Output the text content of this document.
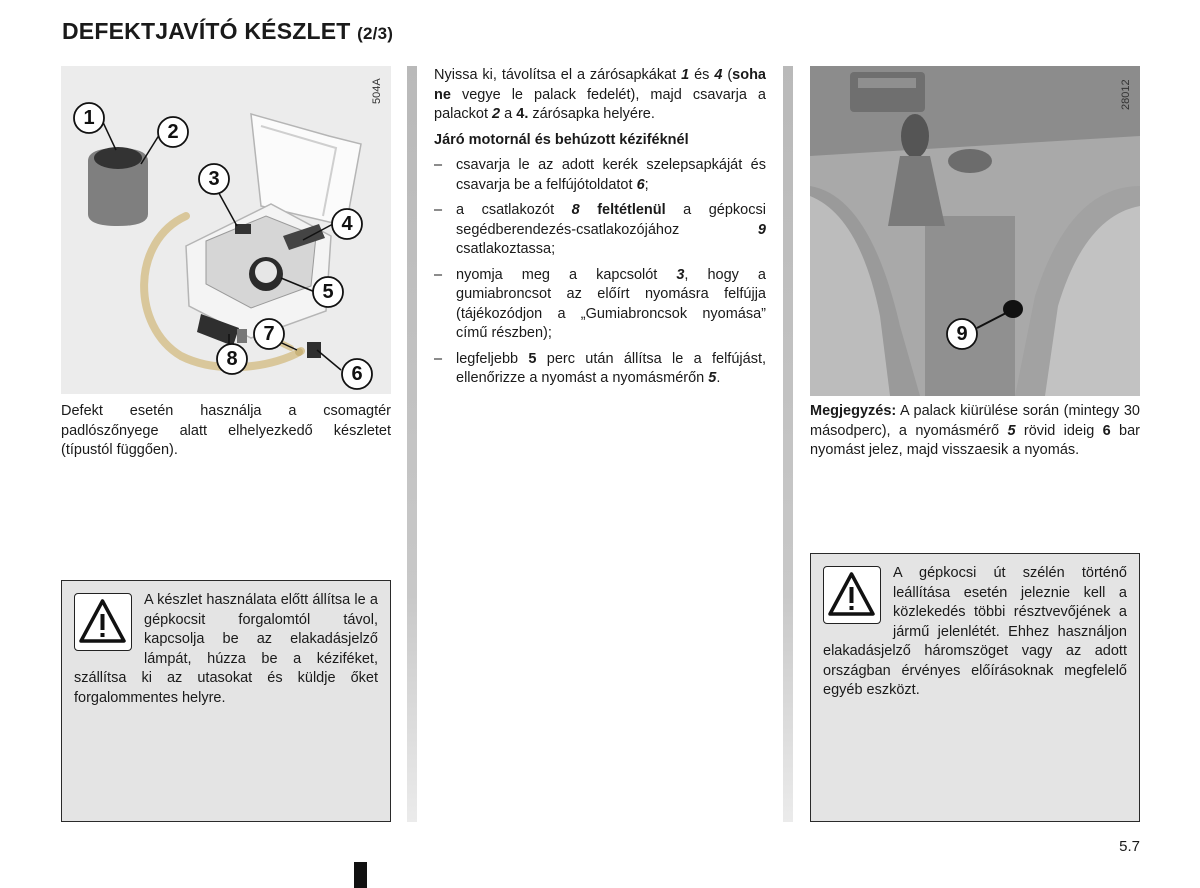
DEFEKTJAVÍTÓ KÉSZLET (2/3)
1
2
3
4
5
6
7
8
504A
Defekt esetén használja a csomagtér padlószőnyege alatt elhelyezkedő készletet (típustól függően).
A készlet használata előtt állítsa le a gépkocsit forgalomtól távol, kapcsolja be az elakadásjelző lámpát, húzza be a kéziféket, szállítsa ki az utasokat és küldje őket forgalommentes helyre.

Nyissa ki, távolítsa el a zárósapkákat 1 és 4 (soha ne vegye le palack fedelét), majd csavarja a palackot 2 a 4. zárósapka helyére.

Járó motornál és behúzott kéziféknél

– csavarja le az adott kerék szelepsapkáját és csavarja be a felfújótoldatot 6;
– a csatlakozót 8 feltétlenül a gépkocsi segédberendezés-csatlakozójához 9 csatlakoztassa;
– nyomja meg a kapcsolót 3, hogy a gumiabroncsot az előírt nyomásra felfújja (tájékozódjon a „Gumiabroncsok nyomása” című részben);
– legfeljebb 5 perc után állítsa le a felfújást, ellenőrizze a nyomást a nyomásmérőn 5.
9
28012
Megjegyzés: A palack kiürülése során (mintegy 30 másodperc), a nyomásmérő 5 rövid ideig 6 bar nyomást jelez, majd visszaesik a nyomás.
A gépkocsi út szélén történő leállítása esetén jeleznie kell a közlekedés többi résztvevőjének a jármű jelenlétét. Ehhez használjon elakadásjelző háromszöget vagy az adott országban érvényes előírásoknak megfelelő egyéb eszközt.
5.7
